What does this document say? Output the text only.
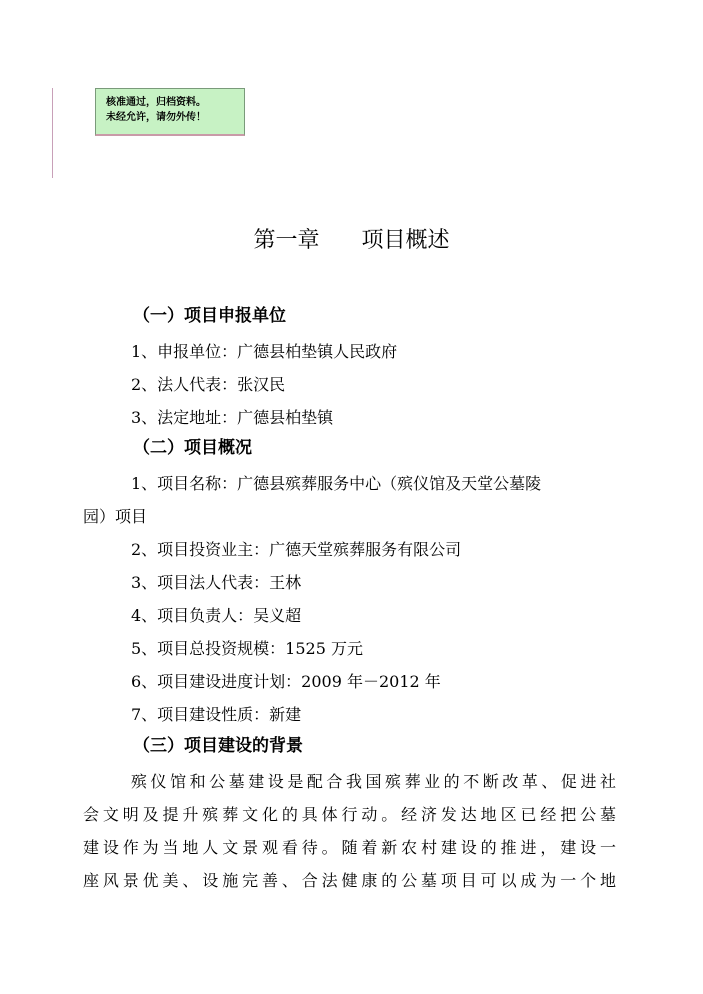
核准通过，归档资料。
未经允许，请勿外传！
第一章      项目概述
（一）项目申报单位
1、申报单位：广德县柏垫镇人民政府
2、法人代表：张汉民
3、法定地址：广德县柏垫镇
（二）项目概况
1、项目名称：广德县殡葬服务中心（殡仪馆及天堂公墓陵
园）项目
2、项目投资业主：广德天堂殡葬服务有限公司
3、项目法人代表：王林
4、项目负责人：吴义超
5、项目总投资规模：1525 万元
6、项目建设进度计划：2009 年－2012 年
7、项目建设性质：新建
（三）项目建设的背景
殡仪馆和公墓建设是配合我国殡葬业的不断改革、促进社
会文明及提升殡葬文化的具体行动。经济发达地区已经把公墓
建设作为当地人文景观看待。随着新农村建设的推进，建设一
座风景优美、设施完善、合法健康的公墓项目可以成为一个地
